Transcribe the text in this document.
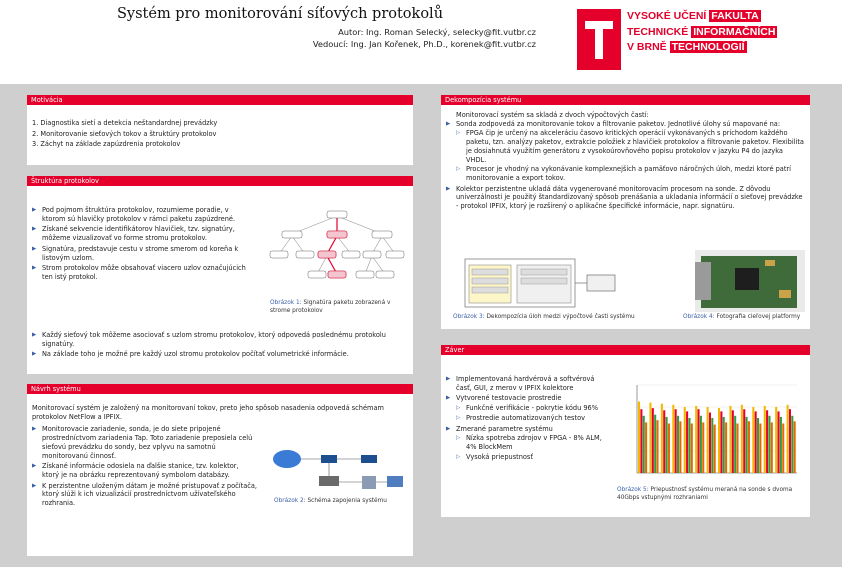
Systém pro monitorování síťových protokolů
Autor: Ing. Roman Selecký, selecky@fit.vutbr.cz
Vedoucí: Ing. Jan Kořenek, Ph.D., korenek@fit.vutbr.cz
VYSOKÉ UČENÍ FAKULTA
TECHNICKÉ INFORMAČNÍCH
V BRNĚ TECHNOLOGIÍ
Motivácia
1. Diagnostika sietí a detekcia neštandardnej prevádzky
2. Monitorovanie sieťových tokov a štruktúry protokolov
3. Záchyt na základe zapúzdrenia protokolov
Štruktúra protokolov
▶ Pod pojmom štruktúra protokolov, rozumieme poradie, v ktorom sú hlavičky protokolov v rámci paketu zapúzdrené.
▶ Získané sekvencie identifikátorov hlavičiek, tzv. signatúry, môžeme vizualizovať vo forme stromu protokolov.
▶ Signatúra, predstavuje cestu v strome smerom od koreňa k listovým uzlom.
▶ Strom protokolov môže obsahovať viacero uzlov označujúcich ten istý protokol.
Obrázok 1: Signatúra paketu zobrazená v strome protokolov
▶ Každý sieťový tok môžeme asociovať s uzlom stromu protokolov, ktorý odpovedá poslednému protokolu signatúry.
▶ Na základe toho je možné pre každý uzol stromu protokolov počítať volumetrické informácie.
Návrh systému
Monitorovací systém je založený na monitorovaní tokov, preto jeho spôsob nasadenia odpovedá schémam protokolov NetFlow a IPFIX.
▶ Monitorovacie zariadenie, sonda, je do siete pripojené prostredníctvom zariadenia Tap. Toto zariadenie preposiela celú sieťovú prevádzku do sondy, bez vplyvu na samotnú monitorovanú činnosť.
▶ Získané informácie odosiela na ďalšie stanice, tzv. kolektor, ktorý je na obrázku reprezentovaný symbolom databázy.
▶ K perzistentne uloženým dátam je možné pristupovať z počítača, ktorý slúži k ich vizualizácií prostredníctvom užívateľského rozhrania.	Obrázok 2: Schéma zapojenia systému
Dekompozícia systému
Monitorovací systém sa skladá z dvoch výpočtových častí:
▶ Sonda zodpovedá za monitorovanie tokov a filtrovanie paketov. Jednotlivé úlohy sú mapované na:
▷ FPGA čip je určený na akceleráciu časovo kritických operácií vykonávaných s príchodom každého paketu, tzn. analýzy paketov, extrakcie položiek z hlavičiek protokolov a filtrovanie paketov. Flexibilita je dosiahnutá využitím generátoru z vysokoúrovňového popisu protokolov v jazyku P4 do jazyka VHDL.
▷ Procesor je vhodný na vykonávanie komplexnejších a pamäťovo náročných úloh, medzi ktoré patrí monitorovanie a export tokov.
▶ Kolektor perzistentne ukladá dáta vygenerované monitorovacím procesom na sonde. Z dôvodu univerzálnosti je použitý štandardizovaný spôsob prenášania a ukladania informácií o sieťovej prevádzke - protokol IPFIX, ktorý je rozšírený o aplikačne špecifické informácie, napr. signatúru.
Obrázok 3: Dekompozícia úloh medzi výpočtové časti systému	Obrázok 4: Fotografia cieľovej platformy
Záver
▶ Implementovaná hardvérová a softvérová časť, GUI, z merov v IPFIX kolektore
▶ Vytvorené testovacie prostredie
▷ Funkčné verifikácie - pokrytie kódu 96%
▷ Prostredie automatizovaných testov
▶ Zmerané parametre systému
▷ Nízka spotreba zdrojov v FPGA - 8% ALM, 4% BlockMem
▷ Vysoká priepustnosť
Obrázok 5: Priepustnosť systému meraná na sonde s dvoma 40Gbps vstupnými rozhraniami
